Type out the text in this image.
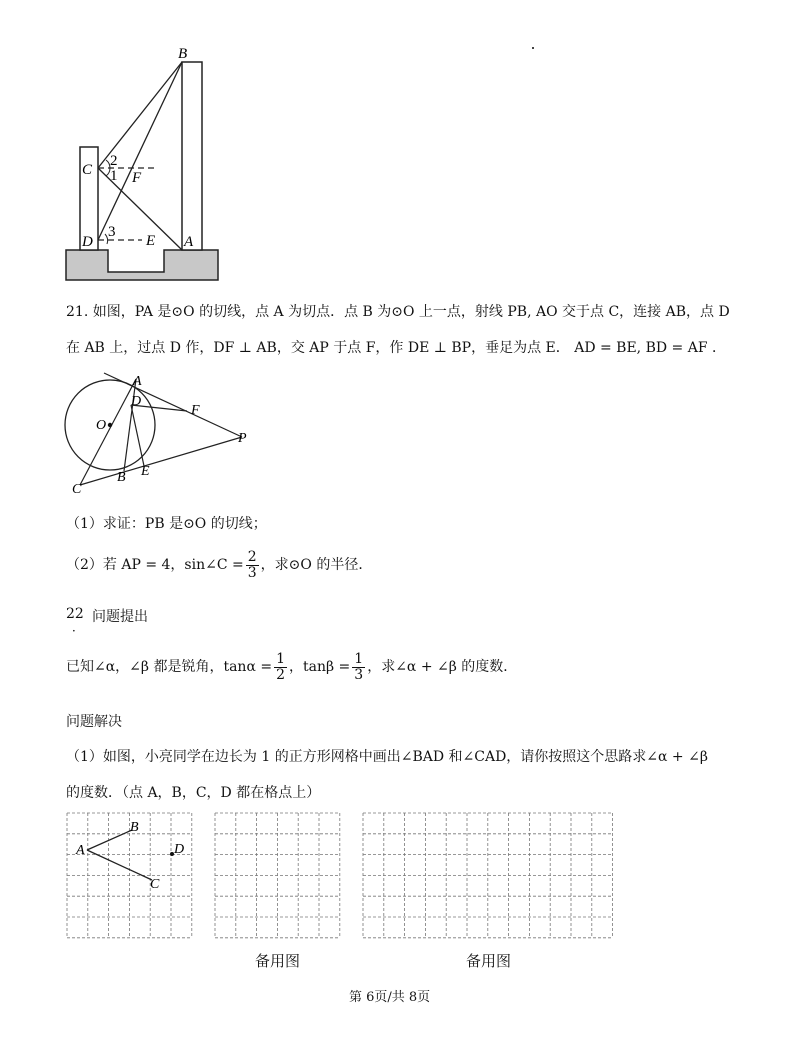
B
C
2
1 F
3
D	E A
21. 如图，PA 是⊙O 的切线，点 A 为切点．点 B 为⊙O 上一点，射线 PB, AO 交于点 C，连接 AB，点 D
在 AB 上，过点 D 作，DF ⊥ AB，交 AP 于点 F，作 DE ⊥ BP，垂足为点 E． AD = BE, BD = AF ．
A
D
F
O
P
E
B
C
（1）求证：PB 是⊙O 的切线；
（2）若 AP = 4，sin∠C = $\frac{2}{3}$ ，求⊙O 的半径．
22
．
问题提出
已知∠α，∠β 都是锐角，$\tan\alpha = \frac{1}{2}$ ，$\tan\beta = \frac{1}{3}$ ，求∠α + ∠β 的度数．
问题解决
（1）如图，小亮同学在边长为 1 的正方形网格中画出∠BAD 和∠CAD，请你按照这个思路求∠α + ∠β
的度数．（点 A，B，C，D 都在格点上）
A
B
D
C
备用图	备用图
第 6页/共 8页
